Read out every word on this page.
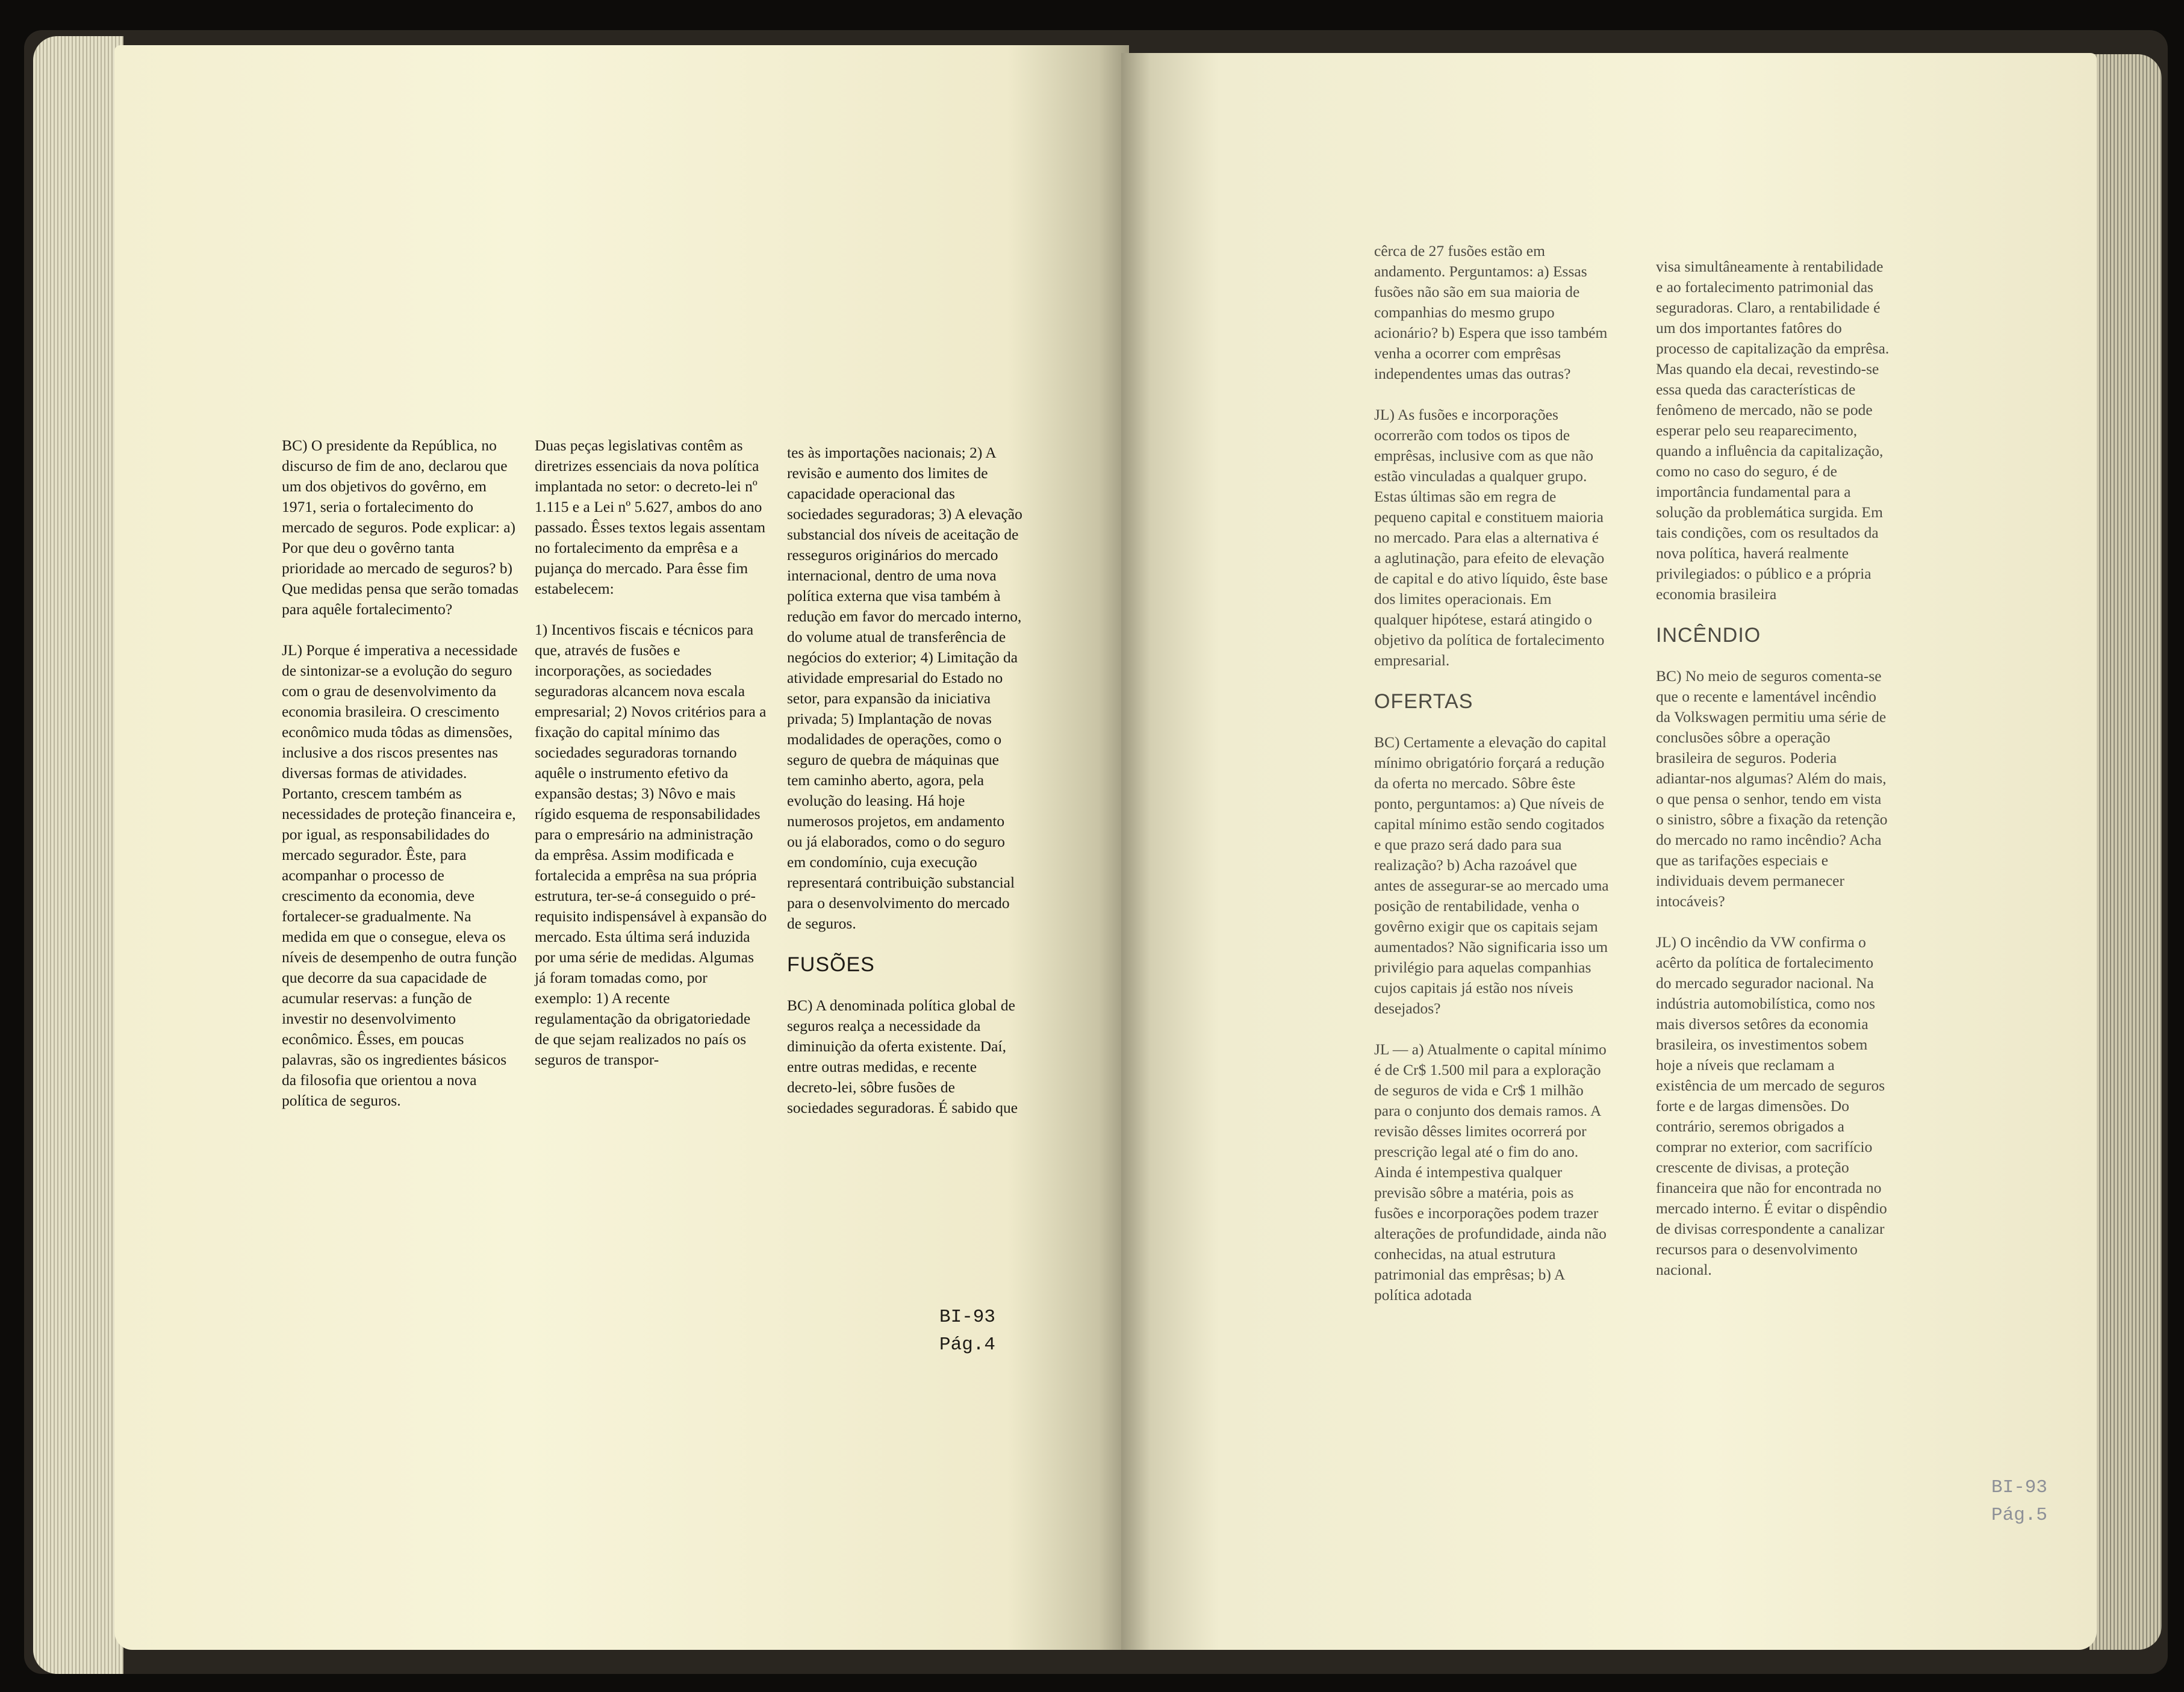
BC) O presidente da República, no discurso de fim de ano, declarou que um dos objetivos do govêrno, em 1971, seria o fortalecimento do mercado de seguros. Pode explicar: a) Por que deu o govêrno tanta prioridade ao mercado de seguros? b) Que medidas pensa que serão tomadas para aquêle fortalecimento?

JL) Porque é imperativa a necessidade de sintonizar-se a evolução do seguro com o grau de desenvolvimento da economia brasileira. O crescimento econômico muda tôdas as dimensões, inclusive a dos riscos presentes nas diversas formas de atividades. Portanto, crescem também as necessidades de proteção financeira e, por igual, as responsabilidades do mercado segurador. Êste, para acompanhar o processo de crescimento da economia, deve fortalecer-se gradualmente. Na medida em que o consegue, eleva os níveis de desempenho de outra função que decorre da sua capacidade de acumular reservas: a função de investir no desenvolvimento econômico. Êsses, em poucas palavras, são os ingredientes básicos da filosofia que orientou a nova política de seguros.

Duas peças legislativas contêm as diretrizes essenciais da nova política implantada no setor: o decreto-lei nº 1.115 e a Lei nº 5.627, ambos do ano passado. Êsses textos legais assentam no fortalecimento da emprêsa e a pujança do mercado. Para êsse fim estabelecem:

1) Incentivos fiscais e técnicos para que, através de fusões e incorporações, as sociedades seguradoras alcancem nova escala empresarial; 2) Novos critérios para a fixação do capital mínimo das sociedades seguradoras tornando aquêle o instrumento efetivo da expansão destas; 3) Nôvo e mais rígido esquema de responsabilidades para o empresário na administração da emprêsa. Assim modificada e fortalecida a emprêsa na sua própria estrutura, ter-se-á conseguido o pré-requisito indispensável à expansão do mercado. Esta última será induzida por uma série de medidas. Algumas já foram tomadas como, por exemplo: 1) A recente regulamentação da obrigatoriedade de que sejam realizados no país os seguros de transpor-

tes às importações nacionais; 2) A revisão e aumento dos limites de capacidade operacional das sociedades seguradoras; 3) A elevação substancial dos níveis de aceitação de resseguros originários do mercado internacional, dentro de uma nova política externa que visa também à redução em favor do mercado interno, do volume atual de transferência de negócios do exterior; 4) Limitação da atividade empresarial do Estado no setor, para expansão da iniciativa privada; 5) Implantação de novas modalidades de operações, como o seguro de quebra de máquinas que tem caminho aberto, agora, pela evolução do leasing. Há hoje numerosos projetos, em andamento ou já elaborados, como o do seguro em condomínio, cuja execução representará contribuição substancial para o desenvolvimento do mercado de seguros.

FUSÕES

BC) A denominada política global de seguros realça a necessidade da diminuição da oferta existente. Daí, entre outras medidas, e recente decreto-lei, sôbre fusões de sociedades seguradoras. É sabido que

BI-93
Pág.4

cêrca de 27 fusões estão em andamento. Perguntamos: a) Essas fusões não são em sua maioria de companhias do mesmo grupo acionário? b) Espera que isso também venha a ocorrer com emprêsas independentes umas das outras?

JL) As fusões e incorporações ocorrerão com todos os tipos de emprêsas, inclusive com as que não estão vinculadas a qualquer grupo. Estas últimas são em regra de pequeno capital e constituem maioria no mercado. Para elas a alternativa é a aglutinação, para efeito de elevação de capital e do ativo líquido, êste base dos limites operacionais. Em qualquer hipótese, estará atingido o objetivo da política de fortalecimento empresarial.

OFERTAS

BC) Certamente a elevação do capital mínimo obrigatório forçará a redução da oferta no mercado. Sôbre êste ponto, perguntamos: a) Que níveis de capital mínimo estão sendo cogitados e que prazo será dado para sua realização? b) Acha razoável que antes de assegurar-se ao mercado uma posição de rentabilidade, venha o govêrno exigir que os capitais sejam aumentados? Não significaria isso um privilégio para aquelas companhias cujos capitais já estão nos níveis desejados?

JL — a) Atualmente o capital mínimo é de Cr$ 1.500 mil para a exploração de seguros de vida e Cr$ 1 milhão para o conjunto dos demais ramos. A revisão dêsses limites ocorrerá por prescrição legal até o fim do ano. Ainda é intempestiva qualquer previsão sôbre a matéria, pois as fusões e incorporações podem trazer alterações de profundidade, ainda não conhecidas, na atual estrutura patrimonial das emprêsas; b) A política adotada

visa simultâneamente à rentabilidade e ao fortalecimento patrimonial das seguradoras. Claro, a rentabilidade é um dos importantes fatôres do processo de capitalização da emprêsa. Mas quando ela decai, revestindo-se essa queda das características de fenômeno de mercado, não se pode esperar pelo seu reaparecimento, quando a influência da capitalização, como no caso do seguro, é de importância fundamental para a solução da problemática surgida. Em tais condições, com os resultados da nova política, haverá realmente privilegiados: o público e a própria economia brasileira

INCÊNDIO

BC) No meio de seguros comenta-se que o recente e lamentável incêndio da Volkswagen permitiu uma série de conclusões sôbre a operação brasileira de seguros. Poderia adiantar-nos algumas? Além do mais, o que pensa o senhor, tendo em vista o sinistro, sôbre a fixação da retenção do mercado no ramo incêndio? Acha que as tarifações especiais e individuais devem permanecer intocáveis?

JL) O incêndio da VW confirma o acêrto da política de fortalecimento do mercado segurador nacional. Na indústria automobilística, como nos mais diversos setôres da economia brasileira, os investimentos sobem hoje a níveis que reclamam a existência de um mercado de seguros forte e de largas dimensões. Do contrário, seremos obrigados a comprar no exterior, com sacrifício crescente de divisas, a proteção financeira que não for encontrada no mercado interno. É evitar o dispêndio de divisas correspondente a canalizar recursos para o desenvolvimento nacional.

BI-93
Pág.5
